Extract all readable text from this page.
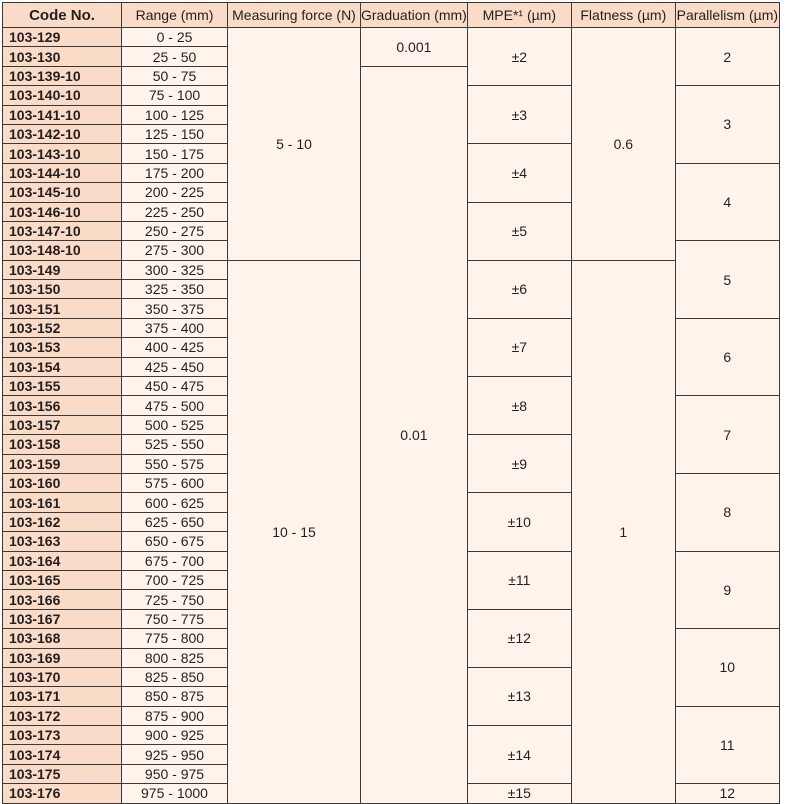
Code No.	Range (mm)	Measuring force (N)	Graduation (mm)	MPE*¹ (µm)	Flatness (µm)	Parallelism (µm)
103-129	0 - 25	5 - 10	0.001	±2	0.6	2
103-130	25 - 50					
103-139-10	50 - 75		0.01			
103-140-10	75 - 100			±3		3
103-141-10	100 - 125					
103-142-10	125 - 150					
103-143-10	150 - 175			±4		
103-144-10	175 - 200					4
103-145-10	200 - 225					
103-146-10	225 - 250			±5		
103-147-10	250 - 275					
103-148-10	275 - 300					5
103-149	300 - 325	10 - 15		±6	1	
103-150	325 - 350					
103-151	350 - 375					
103-152	375 - 400			±7		6
103-153	400 - 425					
103-154	425 - 450					
103-155	450 - 475			±8		
103-156	475 - 500					7
103-157	500 - 525					
103-158	525 - 550			±9		
103-159	550 - 575					
103-160	575 - 600					8
103-161	600 - 625			±10		
103-162	625 - 650					
103-163	650 - 675					
103-164	675 - 700			±11		9
103-165	700 - 725					
103-166	725 - 750					
103-167	750 - 775			±12		
103-168	775 - 800					10
103-169	800 - 825					
103-170	825 - 850			±13		
103-171	850 - 875					
103-172	875 - 900					11
103-173	900 - 925			±14		
103-174	925 - 950					
103-175	950 - 975					
103-176	975 - 1000			±15		12
